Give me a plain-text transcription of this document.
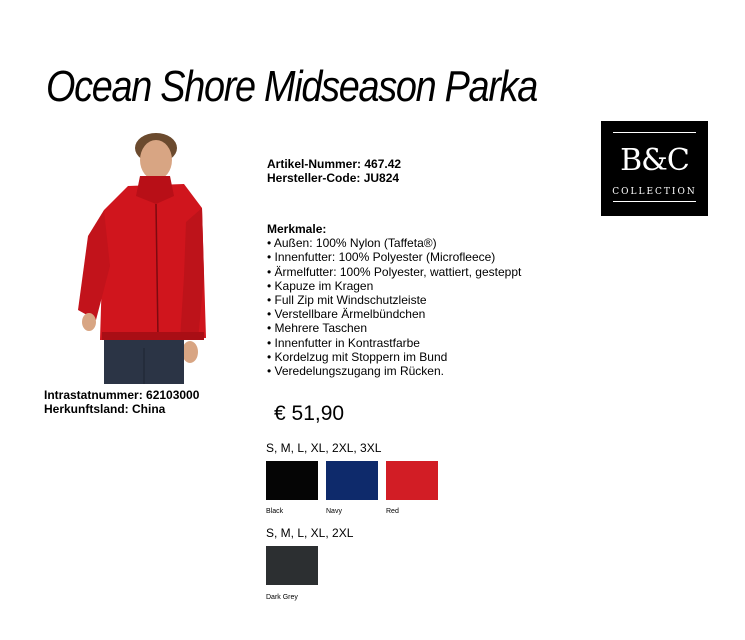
Ocean Shore Midseason Parka
B&C
COLLECTION
Artikel-Nummer: 467.42
Hersteller-Code: JU824
Merkmale:
• Außen: 100% Nylon (Taffeta®)
• Innenfutter: 100% Polyester (Microfleece)
• Ärmelfutter: 100% Polyester, wattiert, gesteppt
• Kapuze im Kragen
• Full Zip mit Windschutzleiste
• Verstellbare Ärmelbündchen
• Mehrere Taschen
• Innenfutter in Kontrastfarbe
• Kordelzug mit Stoppern im Bund
• Veredelungszugang im Rücken.
Intrastatnummer: 62103000
Herkunftsland: China	€ 51,90
S, M, L, XL, 2XL, 3XL
Black	Navy	Red
S, M, L, XL, 2XL
Dark Grey
